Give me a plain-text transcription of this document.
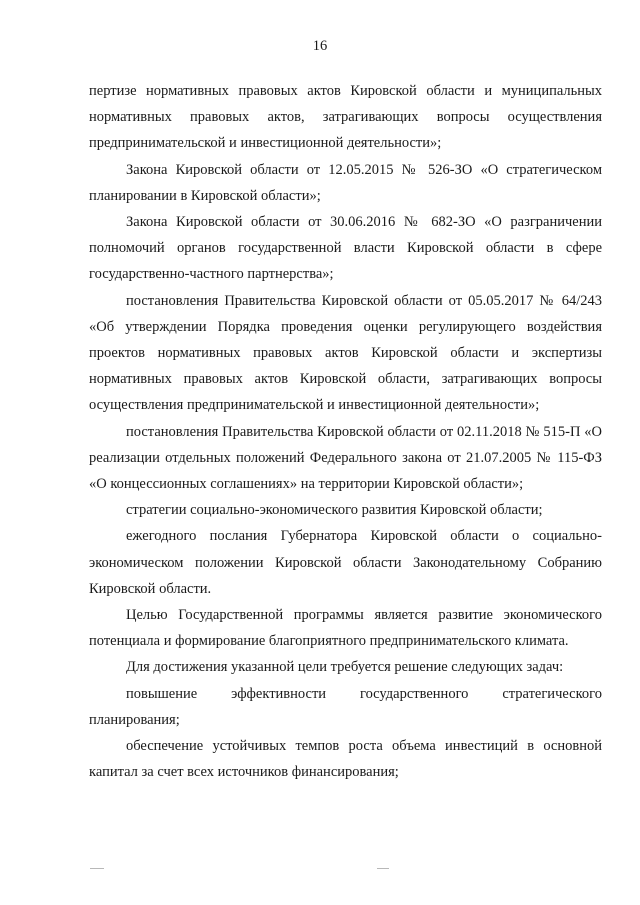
16

пертизе нормативных правовых актов Кировской области и муниципальных нормативных правовых актов, затрагивающих вопросы осуществления предпринимательской и инвестиционной деятельности»;

Закона Кировской области от 12.05.2015 № 526-ЗО «О стратегическом планировании в Кировской области»;

Закона Кировской области от 30.06.2016 № 682-ЗО «О разграничении полномочий органов государственной власти Кировской области в сфере государственно-частного партнерства»;

постановления Правительства Кировской области от 05.05.2017 № 64/243 «Об утверждении Порядка проведения оценки регулирующего воздействия проектов нормативных правовых актов Кировской области и экспертизы нормативных правовых актов Кировской области, затрагивающих вопросы осуществления предпринимательской и инвестиционной деятельности»;

постановления Правительства Кировской области от 02.11.2018 № 515-П «О реализации отдельных положений Федерального закона от 21.07.2005 № 115-ФЗ «О концессионных соглашениях» на территории Кировской области»;

стратегии социально-экономического развития Кировской области;

ежегодного послания Губернатора Кировской области о социально-экономическом положении Кировской области Законодательному Собранию Кировской области.

Целью Государственной программы является развитие экономического потенциала и формирование благоприятного предпринимательского климата.

Для достижения указанной цели требуется решение следующих задач:

повышение эффективности государственного стратегического планирования;

обеспечение устойчивых темпов роста объема инвестиций в основной капитал за счет всех источников финансирования;
